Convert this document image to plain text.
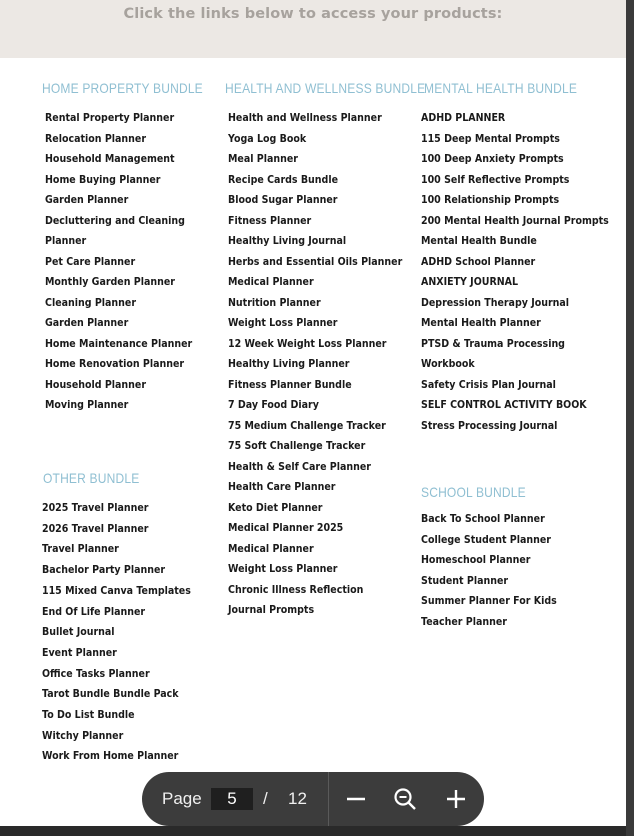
Click the links below to access your products:
HOME PROPERTY BUNDLE
Rental Property Planner
Relocation Planner
Household Management
Home Buying Planner
Garden Planner
Decluttering and Cleaning
Planner
Pet Care Planner
Monthly Garden Planner
Cleaning Planner
Garden Planner
Home Maintenance Planner
Home Renovation Planner
Household Planner
Moving Planner
HEALTH AND WELLNESS BUNDLE
Health and Wellness Planner
Yoga Log Book
Meal Planner
Recipe Cards Bundle
Blood Sugar Planner
Fitness Planner
Healthy Living Journal
Herbs and Essential Oils Planner
Medical Planner
Nutrition Planner
Weight Loss Planner
12 Week Weight Loss Planner
Healthy Living Planner
Fitness Planner Bundle
7 Day Food Diary
75 Medium Challenge Tracker
75 Soft Challenge Tracker
Health & Self Care Planner
Health Care Planner
Keto Diet Planner
Medical Planner 2025
Medical Planner
Weight Loss Planner
Chronic Illness Reflection
Journal Prompts
MENTAL HEALTH BUNDLE
ADHD PLANNER
115 Deep Mental Prompts
100 Deep Anxiety Prompts
100 Self Reflective Prompts
100 Relationship Prompts
200 Mental Health Journal Prompts
Mental Health Bundle
ADHD School Planner
ANXIETY JOURNAL
Depression Therapy Journal
Mental Health Planner
PTSD & Trauma Processing
Workbook
Safety Crisis Plan Journal
SELF CONTROL ACTIVITY BOOK
Stress Processing Journal
OTHER BUNDLE
2025 Travel Planner
2026 Travel Planner
Travel Planner
Bachelor Party Planner
115 Mixed Canva Templates
End Of Life Planner
Bullet Journal
Event Planner
Office Tasks Planner
Tarot Bundle Bundle Pack
To Do List Bundle
Witchy Planner
Work From Home Planner
SCHOOL BUNDLE
Back To School Planner
College Student Planner
Homeschool Planner
Student Planner
Summer Planner For Kids
Teacher Planner
Page
5	/ 12
